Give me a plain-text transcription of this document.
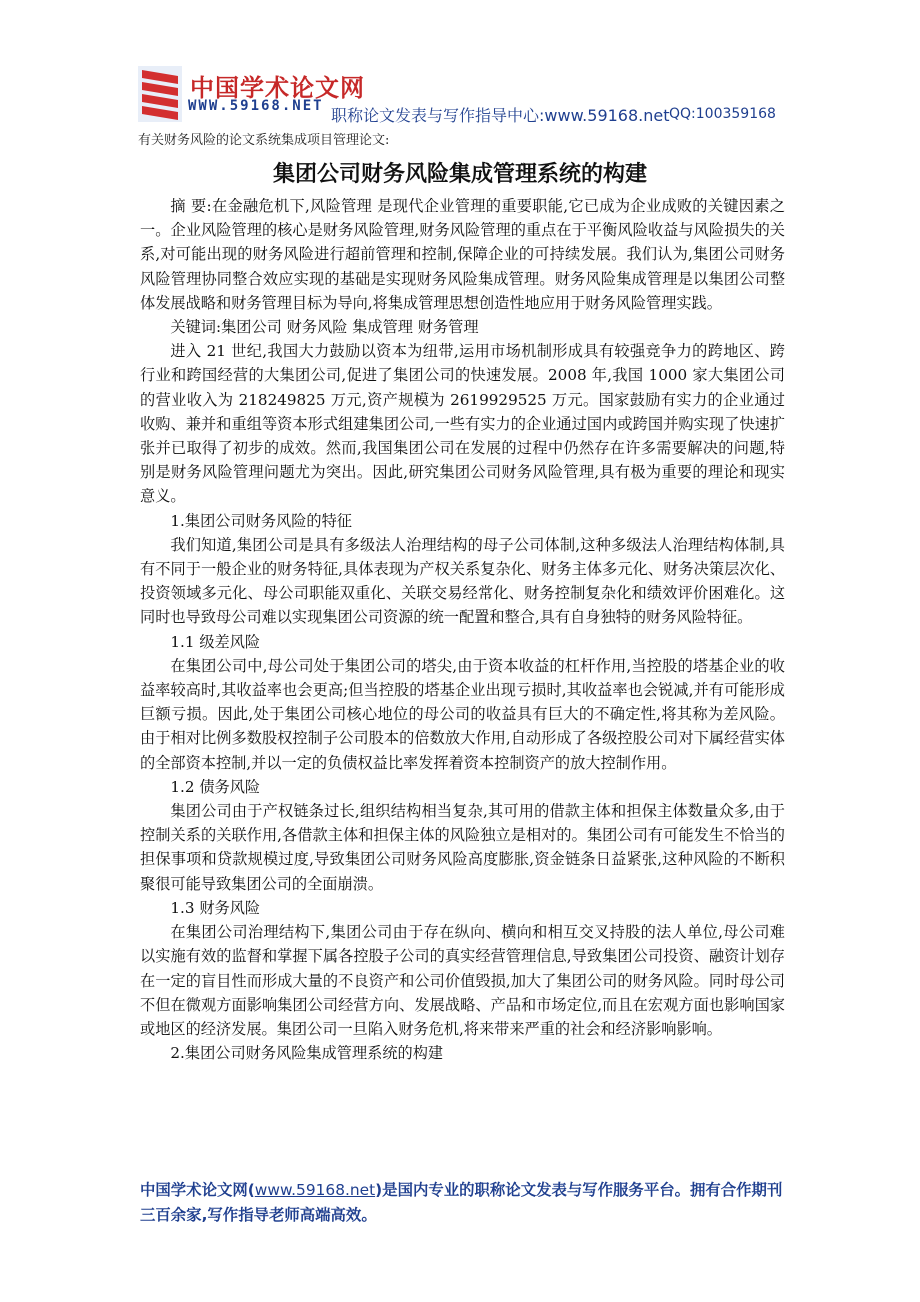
中国学术论文网
WWW.59168.NET 职称论文发表与写作指导中心:www.59168.net QQ:100359168
有关财务风险的论文系统集成项目管理论文:
集团公司财务风险集成管理系统的构建

摘 要:在金融危机下,风险管理 是现代企业管理的重要职能,它已成为企业成败的关键因素之一。企业风险管理的核心是财务风险管理,财务风险管理的重点在于平衡风险收益与风险损失的关系,对可能出现的财务风险进行超前管理和控制,保障企业的可持续发展。我们认为,集团公司财务风险管理协同整合效应实现的基础是实现财务风险集成管理。财务风险集成管理是以集团公司整体发展战略和财务管理目标为导向,将集成管理思想创造性地应用于财务风险管理实践。

关键词:集团公司 财务风险 集成管理 财务管理

进入 21 世纪,我国大力鼓励以资本为纽带,运用市场机制形成具有较强竞争力的跨地区、跨行业和跨国经营的大集团公司,促进了集团公司的快速发展。2008 年,我国 1000 家大集团公司的营业收入为 218249825 万元,资产规模为 2619929525 万元。国家鼓励有实力的企业通过收购、兼并和重组等资本形式组建集团公司,一些有实力的企业通过国内或跨国并购实现了快速扩张并已取得了初步的成效。然而,我国集团公司在发展的过程中仍然存在许多需要解决的问题,特别是财务风险管理问题尤为突出。因此,研究集团公司财务风险管理,具有极为重要的理论和现实意义。

1.集团公司财务风险的特征

我们知道,集团公司是具有多级法人治理结构的母子公司体制,这种多级法人治理结构体制,具有不同于一般企业的财务特征,具体表现为产权关系复杂化、财务主体多元化、财务决策层次化、投资领域多元化、母公司职能双重化、关联交易经常化、财务控制复杂化和绩效评价困难化。这同时也导致母公司难以实现集团公司资源的统一配置和整合,具有自身独特的财务风险特征。

1.1 级差风险

在集团公司中,母公司处于集团公司的塔尖,由于资本收益的杠杆作用,当控股的塔基企业的收益率较高时,其收益率也会更高;但当控股的塔基企业出现亏损时,其收益率也会锐减,并有可能形成巨额亏损。因此,处于集团公司核心地位的母公司的收益具有巨大的不确定性,将其称为差风险。由于相对比例多数股权控制子公司股本的倍数放大作用,自动形成了各级控股公司对下属经营实体的全部资本控制,并以一定的负债权益比率发挥着资本控制资产的放大控制作用。

1.2 债务风险

集团公司由于产权链条过长,组织结构相当复杂,其可用的借款主体和担保主体数量众多,由于控制关系的关联作用,各借款主体和担保主体的风险独立是相对的。集团公司有可能发生不恰当的担保事项和贷款规模过度,导致集团公司财务风险高度膨胀,资金链条日益紧张,这种风险的不断积聚很可能导致集团公司的全面崩溃。

1.3 财务风险

在集团公司治理结构下,集团公司由于存在纵向、横向和相互交叉持股的法人单位,母公司难以实施有效的监督和掌握下属各控股子公司的真实经营管理信息,导致集团公司投资、融资计划存在一定的盲目性而形成大量的不良资产和公司价值毁损,加大了集团公司的财务风险。同时母公司不但在微观方面影响集团公司经营方向、发展战略、产品和市场定位,而且在宏观方面也影响国家或地区的经济发展。集团公司一旦陷入财务危机,将来带来严重的社会和经济影响影响。

2.集团公司财务风险集成管理系统的构建

中国学术论文网(www.59168.net)是国内专业的职称论文发表与写作服务平台。拥有合作期刊三百余家,写作指导老师高端高效。
